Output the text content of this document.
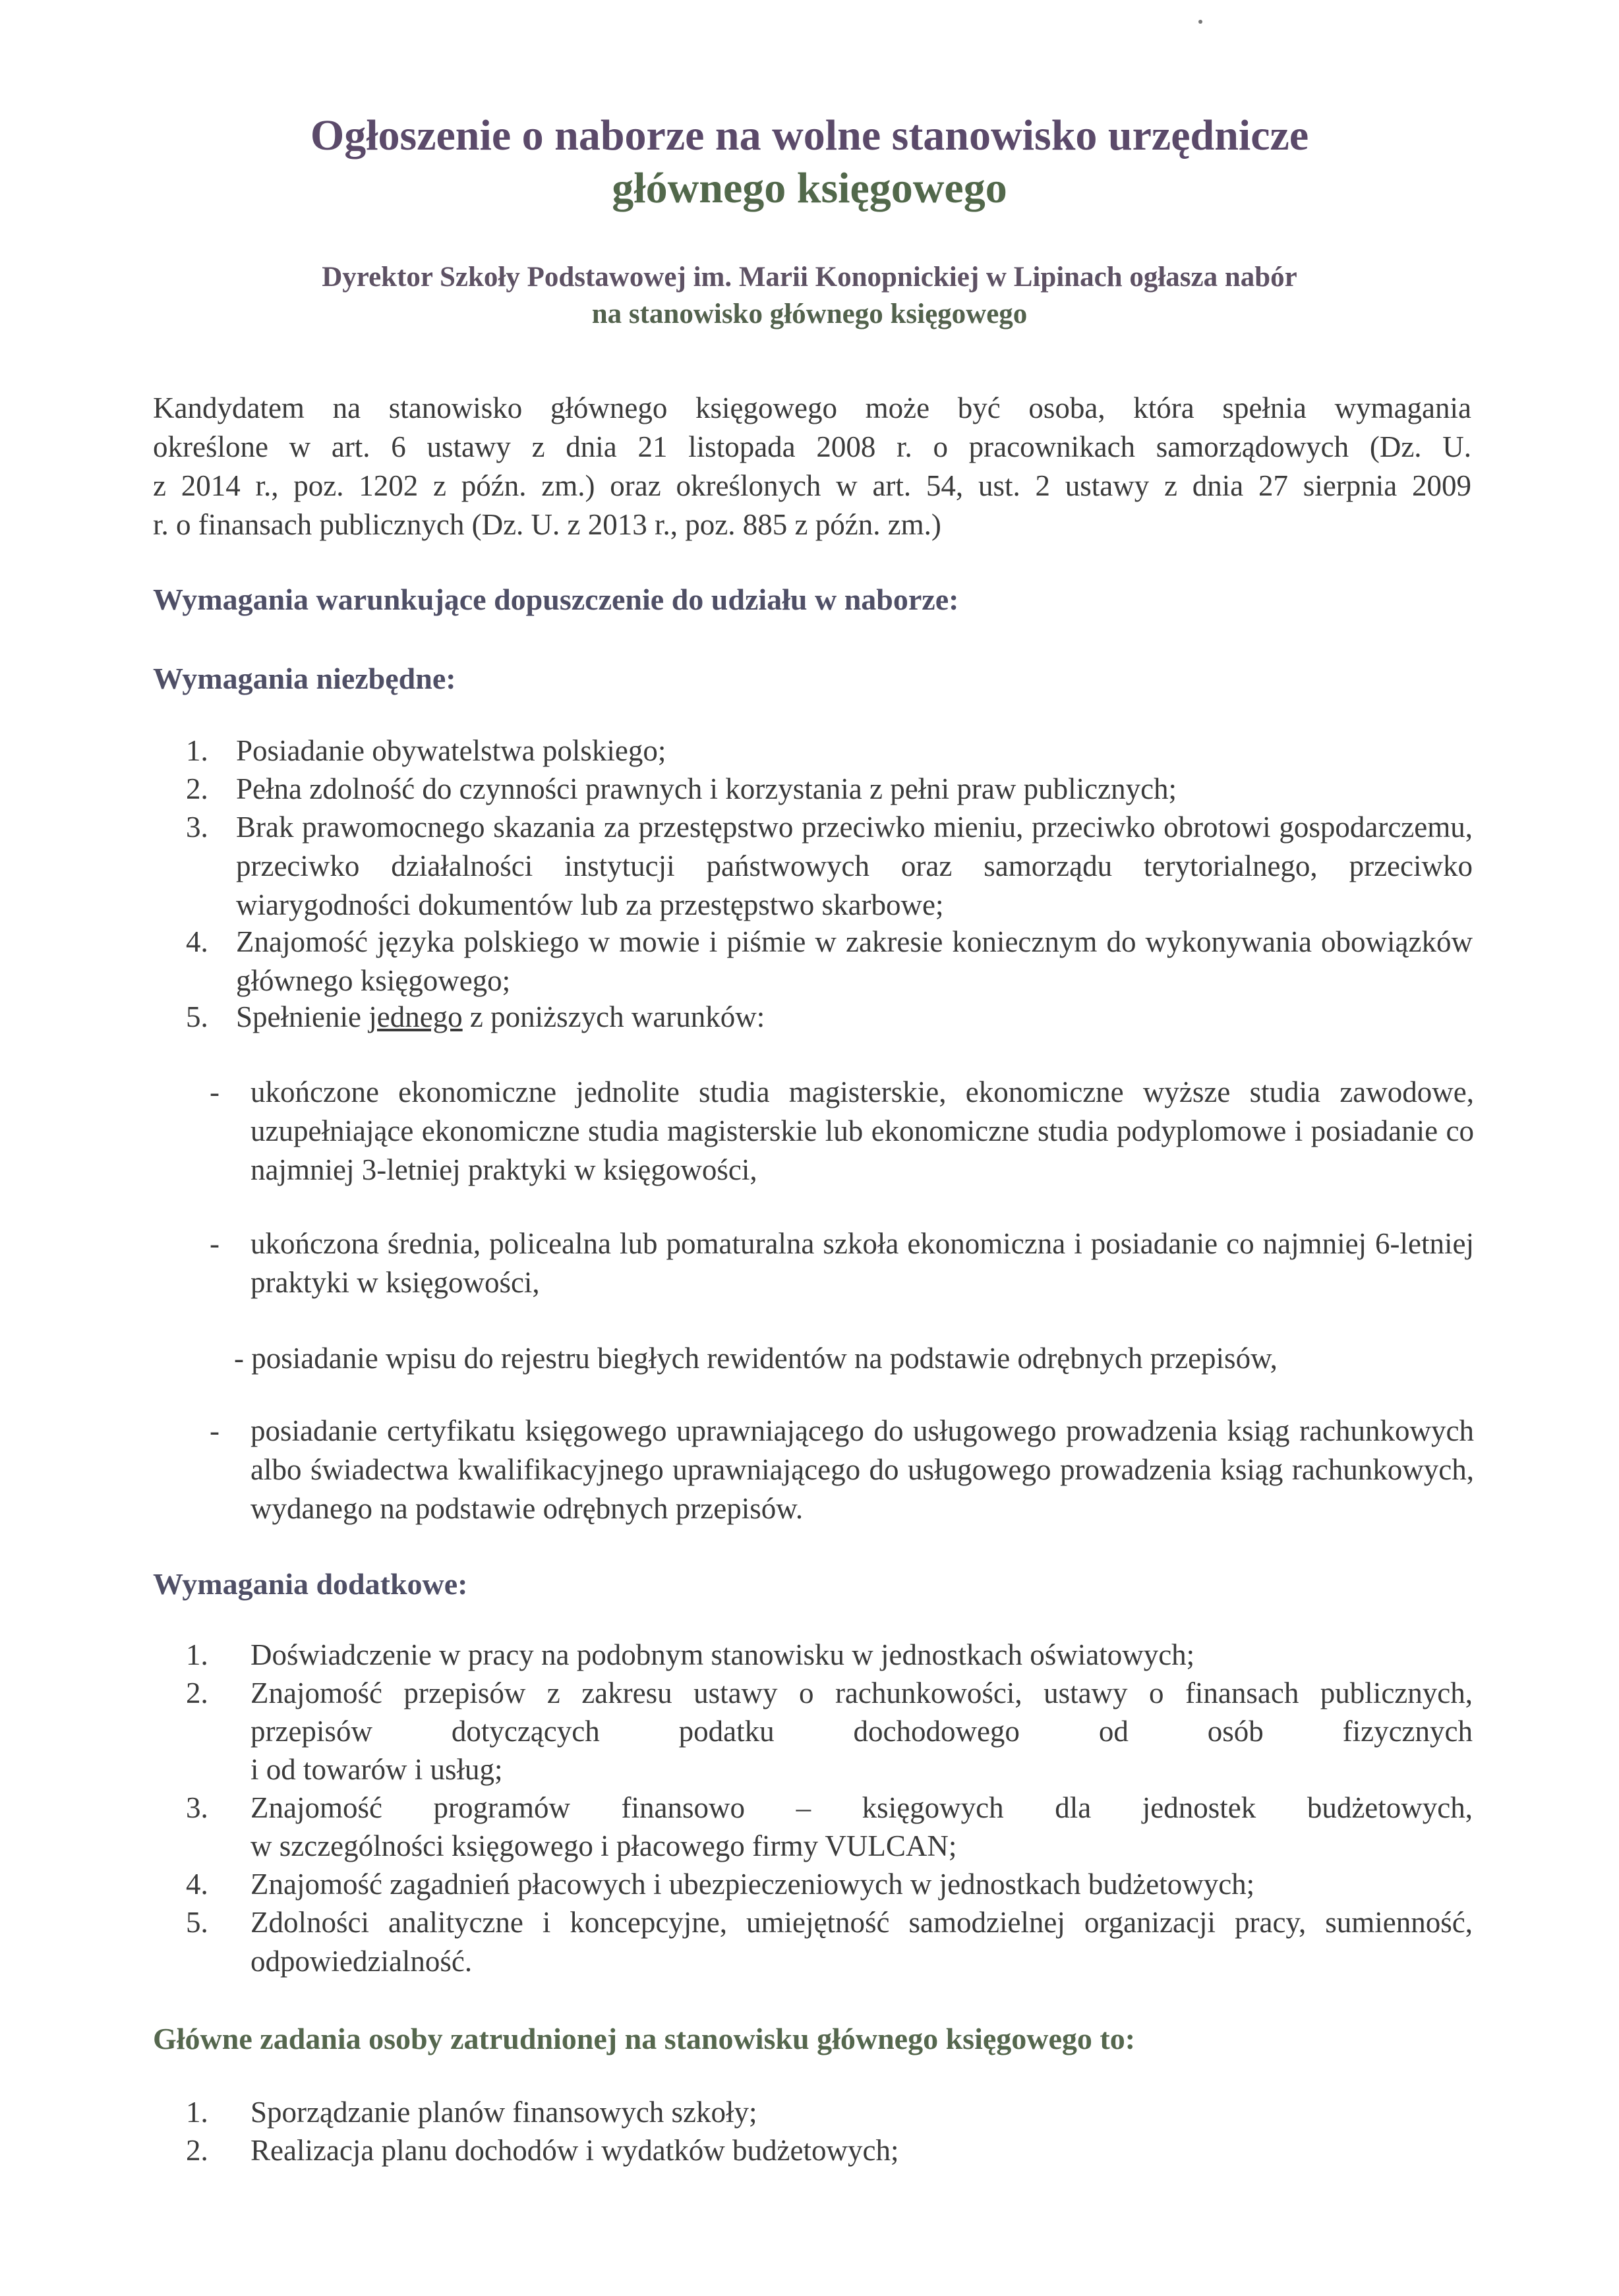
Ogłoszenie o naborze na wolne stanowisko urzędnicze
głównego księgowego
Dyrektor Szkoły Podstawowej im. Marii Konopnickiej w Lipinach ogłasza nabór
na stanowisko głównego księgowego
Kandydatem na stanowisko głównego księgowego może być osoba, która spełnia wymagania
określone w art. 6 ustawy z dnia 21 listopada 2008 r. o pracownikach samorządowych (Dz. U.
z 2014 r., poz. 1202 z późn. zm.) oraz określonych w art. 54, ust. 2 ustawy z dnia 27 sierpnia 2009
r. o finansach publicznych (Dz. U. z 2013 r., poz. 885 z późn. zm.)
Wymagania warunkujące dopuszczenie do udziału w naborze:
Wymagania niezbędne:
1. Posiadanie obywatelstwa polskiego;
2. Pełna zdolność do czynności prawnych i korzystania z pełni praw publicznych;
3. Brak prawomocnego skazania za przestępstwo przeciwko mieniu, przeciwko obrotowi gospodarczemu, przeciwko działalności instytucji państwowych oraz samorządu terytorialnego, przeciwko wiarygodności dokumentów lub za przestępstwo skarbowe;
4. Znajomość języka polskiego w mowie i piśmie w zakresie koniecznym do wykonywania obowiązków głównego księgowego;
5. Spełnienie jednego z poniższych warunków:
- ukończone ekonomiczne jednolite studia magisterskie, ekonomiczne wyższe studia zawodowe, uzupełniające ekonomiczne studia magisterskie lub ekonomiczne studia podyplomowe i posiadanie co najmniej 3-letniej praktyki w księgowości,
- ukończona średnia, policealna lub pomaturalna szkoła ekonomiczna i posiadanie co najmniej 6-letniej praktyki w księgowości,
- posiadanie wpisu do rejestru biegłych rewidentów na podstawie odrębnych przepisów,
- posiadanie certyfikatu księgowego uprawniającego do usługowego prowadzenia ksiąg rachunkowych albo świadectwa kwalifikacyjnego uprawniającego do usługowego prowadzenia ksiąg rachunkowych, wydanego na podstawie odrębnych przepisów.
Wymagania dodatkowe:
1. Doświadczenie w pracy na podobnym stanowisku w jednostkach oświatowych;
2. Znajomość przepisów z zakresu ustawy o rachunkowości, ustawy o finansach publicznych,
przepisów dotyczących podatku dochodowego od osób fizycznych
i od towarów i usług;
3. Znajomość programów finansowo – księgowych dla jednostek budżetowych,
w szczególności księgowego i płacowego firmy VULCAN;
4. Znajomość zagadnień płacowych i ubezpieczeniowych w jednostkach budżetowych;
5. Zdolności analityczne i koncepcyjne, umiejętność samodzielnej organizacji pracy, sumienność, odpowiedzialność.
Główne zadania osoby zatrudnionej na stanowisku głównego księgowego to:
1. Sporządzanie planów finansowych szkoły;
2. Realizacja planu dochodów i wydatków budżetowych;
